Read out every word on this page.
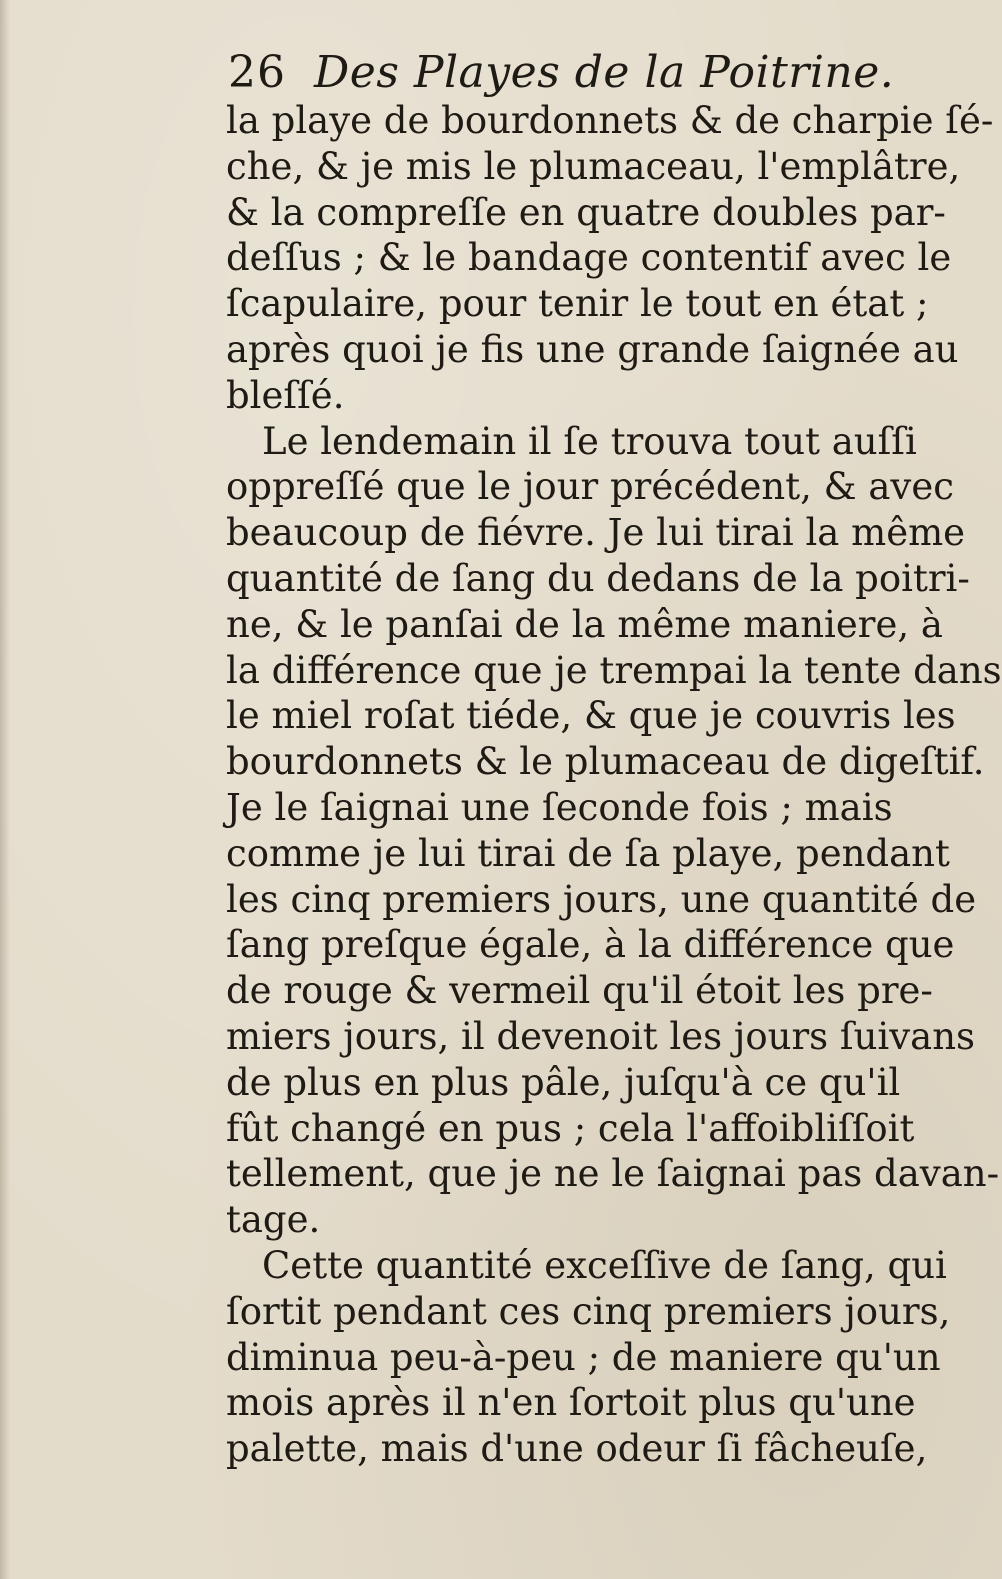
26 Des Playes de la Poitrine.
la playe de bourdonnets & de charpie ſé-
che, & je mis le plumaceau, l'emplâtre,
& la compreſſe en quatre doubles par-
deſſus ; & le bandage contentif avec le
ſcapulaire, pour tenir le tout en état ;
après quoi je fis une grande ſaignée au
bleſſé.
Le lendemain il ſe trouva tout auſſi
oppreſſé que le jour précédent, & avec
beaucoup de fiévre. Je lui tirai la même
quantité de ſang du dedans de la poitri-
ne, & le panſai de la même maniere, à
la différence que je trempai la tente dans
le miel roſat tiéde, & que je couvris les
bourdonnets & le plumaceau de digeſtif.
Je le ſaignai une ſeconde fois ; mais
comme je lui tirai de ſa playe, pendant
les cinq premiers jours, une quantité de
ſang preſque égale, à la différence que
de rouge & vermeil qu'il étoit les pre-
miers jours, il devenoit les jours ſuivans
de plus en plus pâle, juſqu'à ce qu'il
fût changé en pus ; cela l'affoibliſſoit
tellement, que je ne le ſaignai pas davan-
tage.
Cette quantité exceſſive de ſang, qui
ſortit pendant ces cinq premiers jours,
diminua peu-à-peu ; de maniere qu'un
mois après il n'en ſortoit plus qu'une
palette, mais d'une odeur ſi fâcheuſe,
